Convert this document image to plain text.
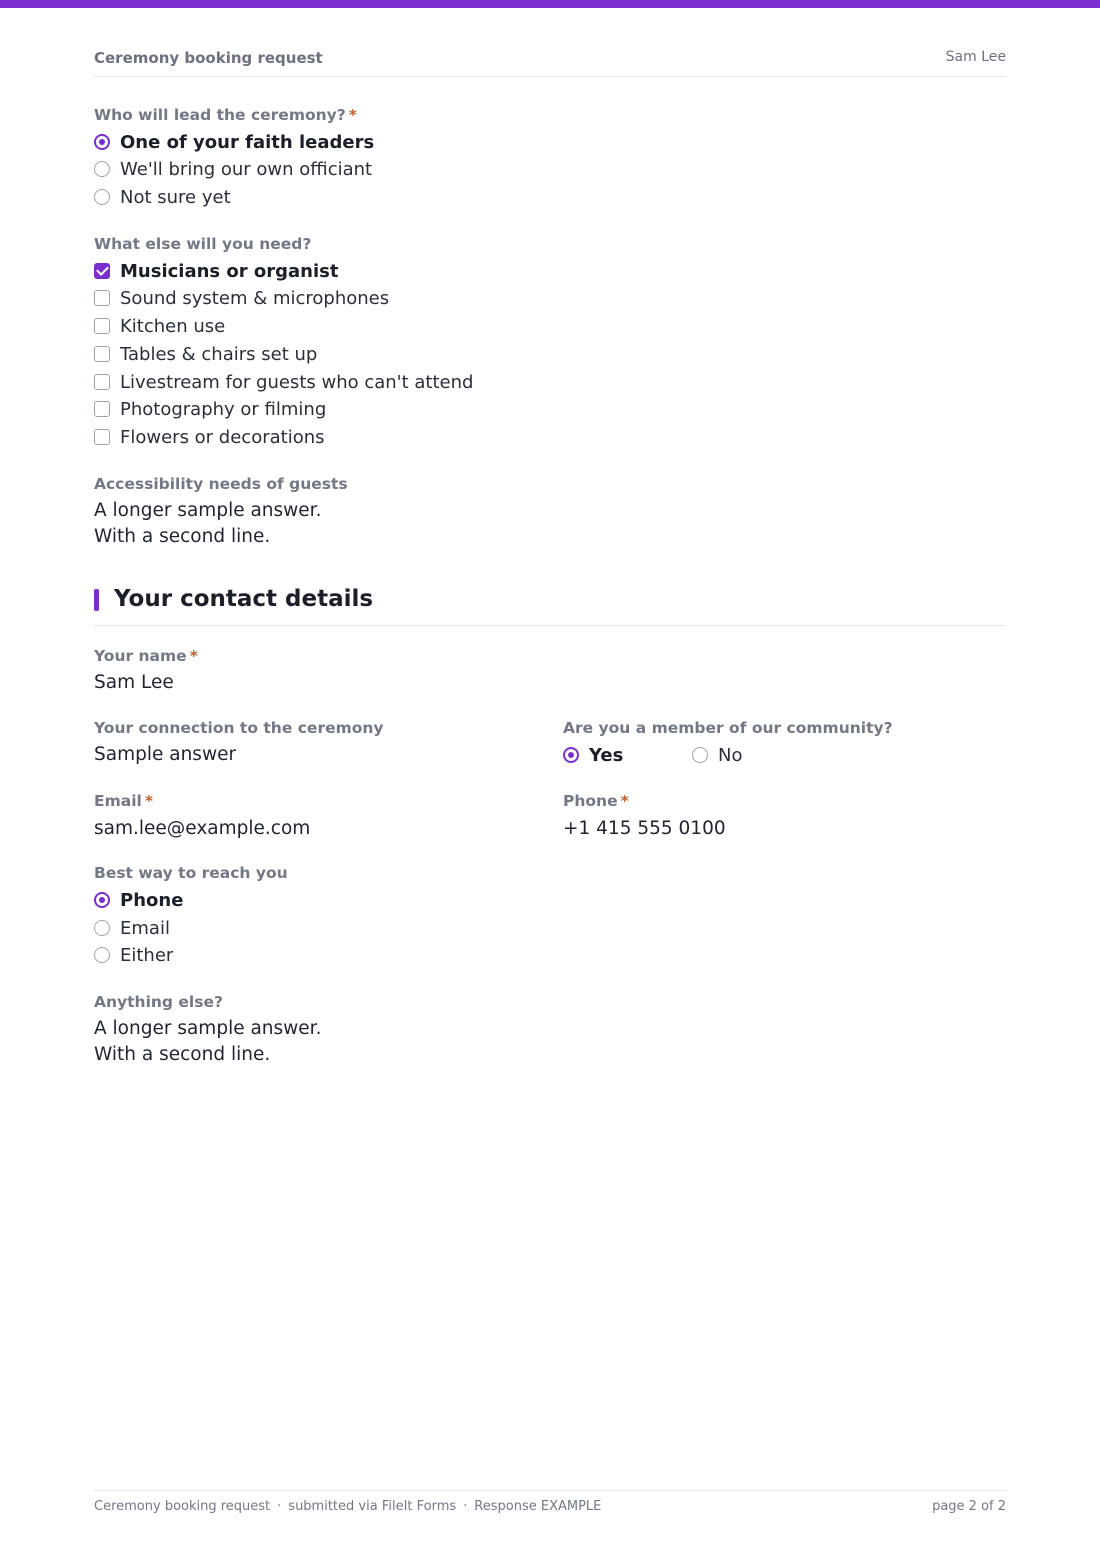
Ceremony booking request	Sam Lee
Who will lead the ceremony? *
One of your faith leaders
We'll bring our own officiant
Not sure yet
What else will you need?
Musicians or organist
Sound system & microphones
Kitchen use
Tables & chairs set up
Livestream for guests who can't attend
Photography or filming
Flowers or decorations
Accessibility needs of guests
A longer sample answer.
With a second line.
Your contact details
Your name *
Sam Lee
Your connection to the ceremony
Sample answer
Are you a member of our community?
Yes	No
Email *
sam.lee@example.com
Phone *
+1 415 555 0100
Best way to reach you
Phone
Email
Either
Anything else?
A longer sample answer.
With a second line.
Ceremony booking request · submitted via FileIt Forms · Response EXAMPLE	page 2 of 2
